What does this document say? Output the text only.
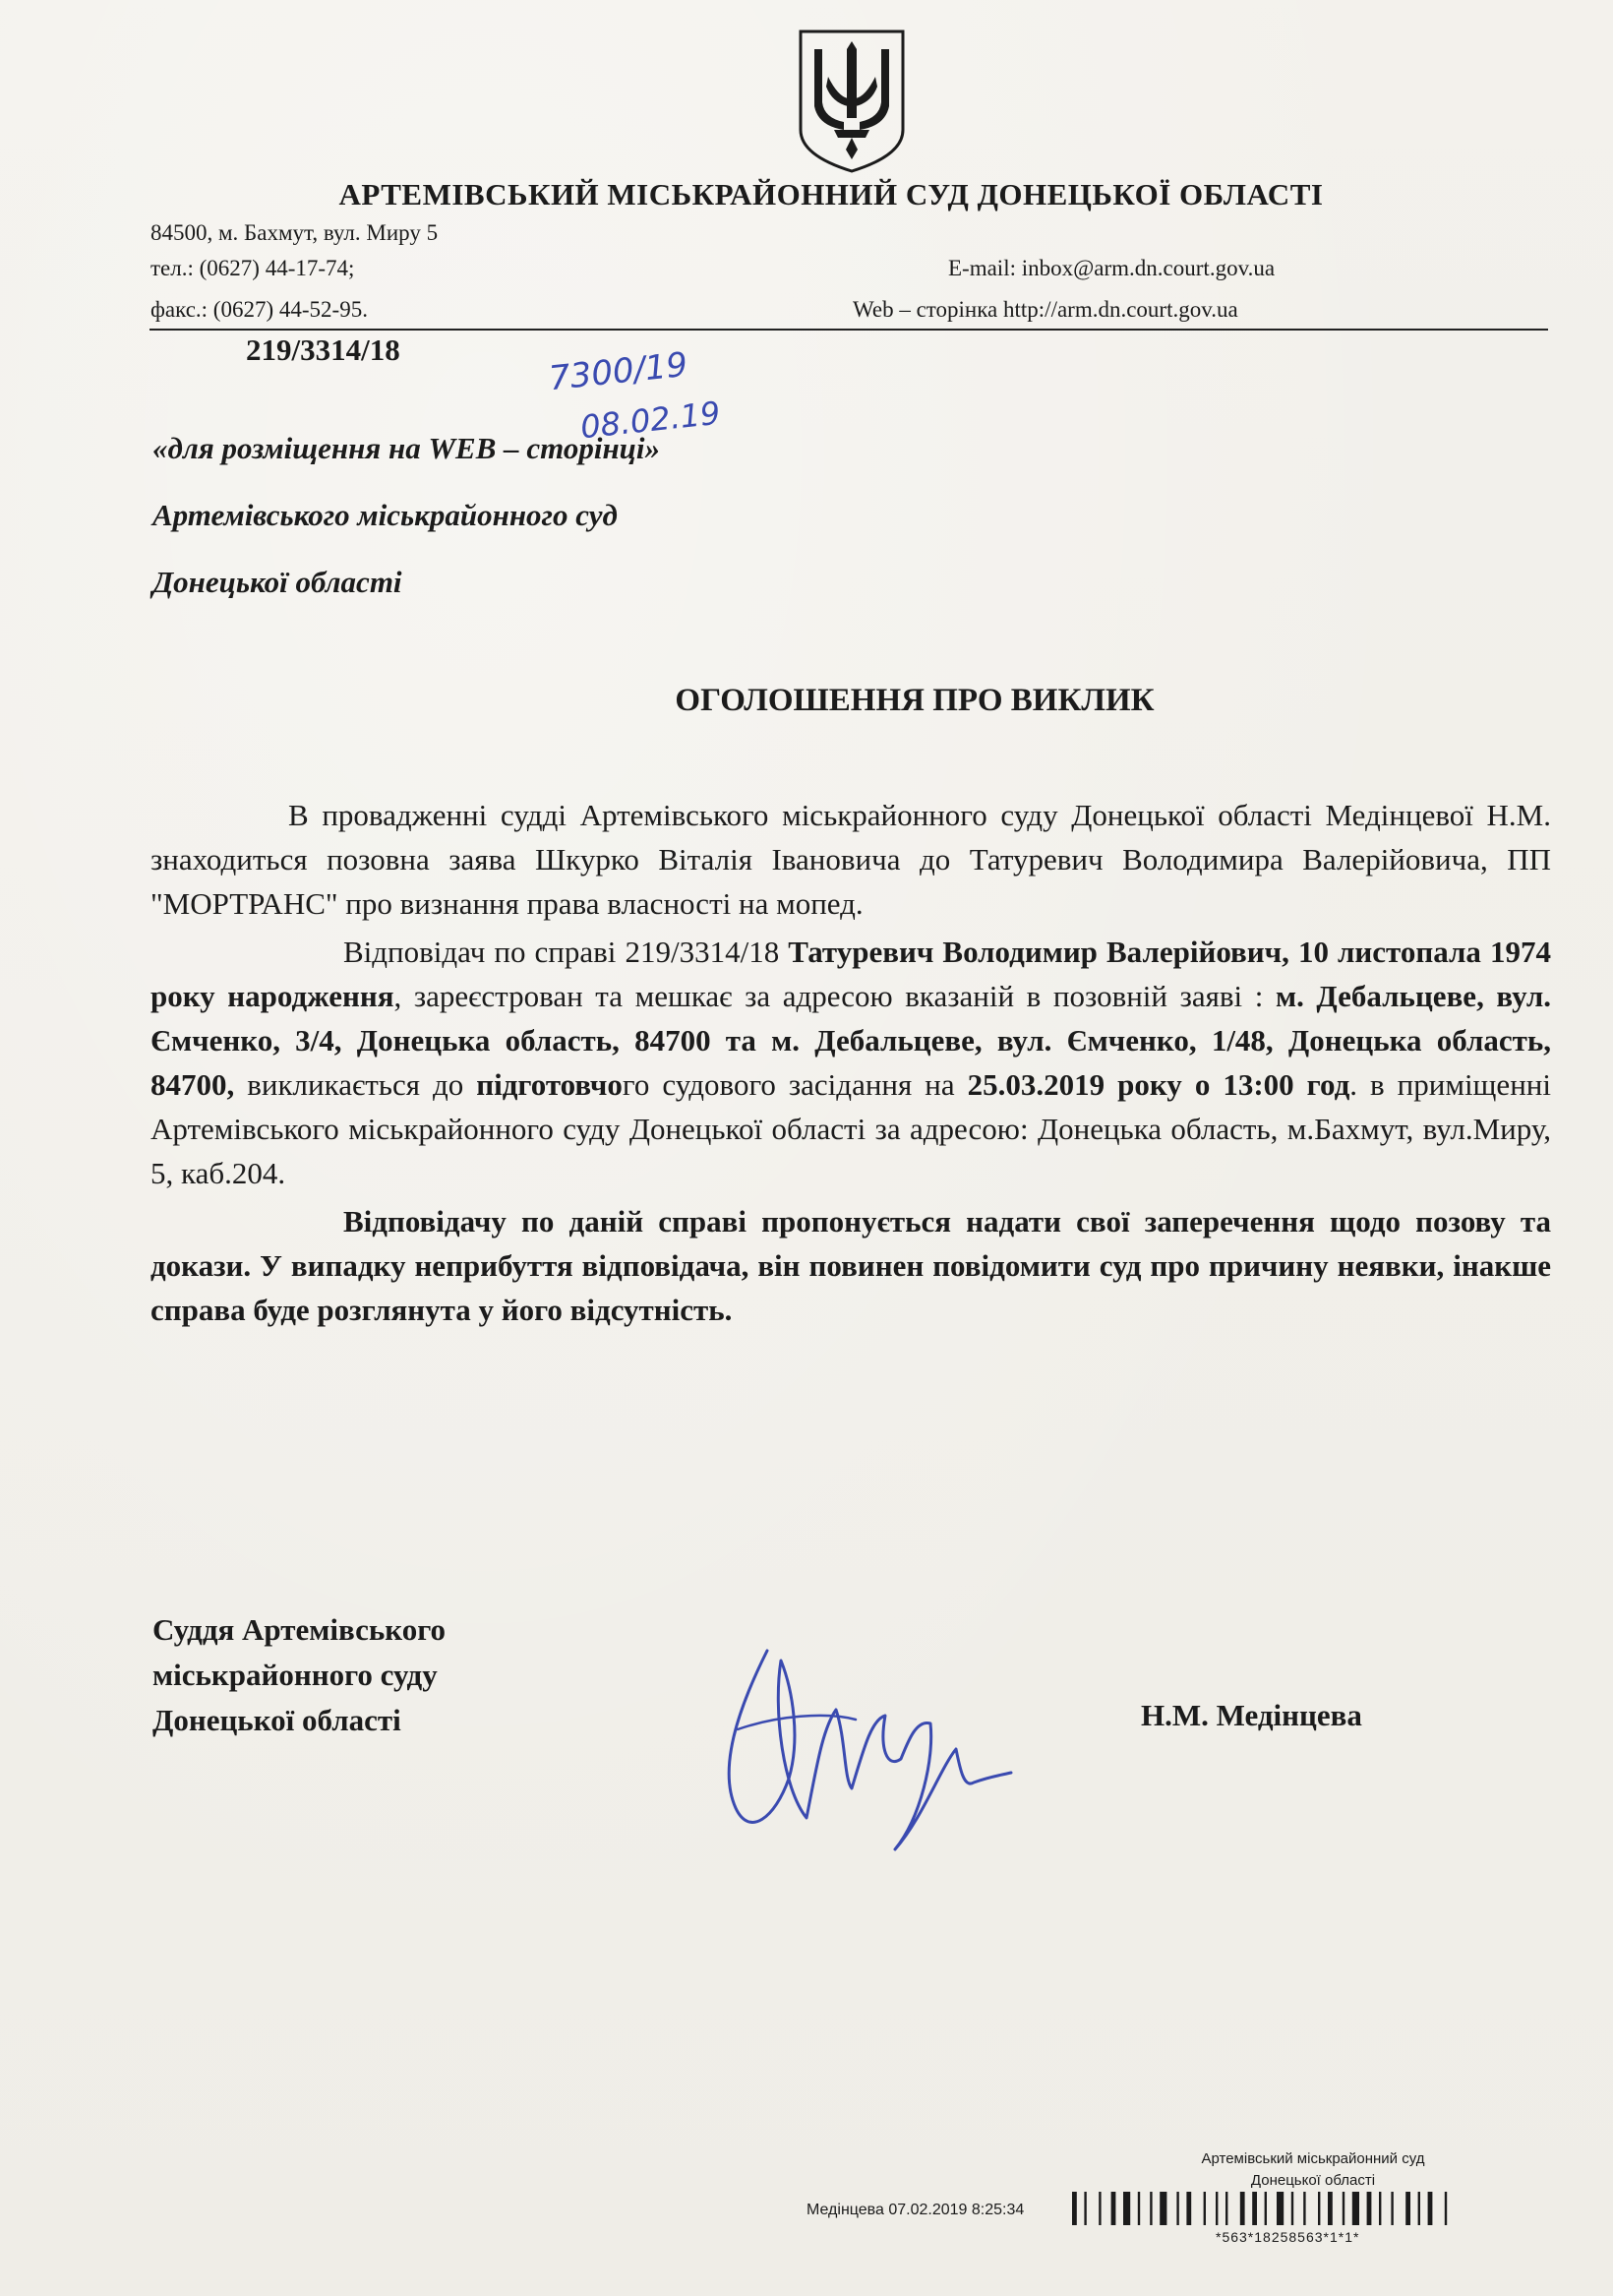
АРТЕМІВСЬКИЙ МІСЬКРАЙОННИЙ СУД ДОНЕЦЬКОЇ ОБЛАСТІ
84500, м. Бахмут, вул. Миру 5
тел.: (0627) 44-17-74;	E-mail: inbox@arm.dn.court.gov.ua
факс.: (0627) 44-52-95.	Web – сторінка http://arm.dn.court.gov.ua
219/3314/18	7300/19
08.02.19
«для розміщення на WEB – сторінці»
Артемівського міськрайонного суд
Донецької області
ОГОЛОШЕННЯ ПРО ВИКЛИК

В провадженні судді Артемівського міськрайонного суду Донецької області Медінцевої Н.М. знаходиться позовна заява Шкурко Віталія Івановича до Татуревич Володимира Валерійовича, ПП "МОРТРАНС" про визнання права власності на мопед.

Відповідач по справі 219/3314/18 Татуревич Володимир Валерійович, 10 листопала 1974 року народження, зареєстрован та мешкає за адресою вказаній в позовній заяві : м. Дебальцеве, вул. Ємченко, 3/4, Донецька область, 84700 та м. Дебальцеве, вул. Ємченко, 1/48, Донецька область, 84700, викликається до підготовчого судового засідання на 25.03.2019 року о 13:00 год. в приміщенні Артемівського міськрайонного суду Донецької області за адресою: Донецька область, м.Бахмут, вул.Миру, 5, каб.204.

Відповідачу по даній справі пропонується надати свої заперечення щодо позову та докази. У випадку неприбуття відповідача, він повинен повідомити суд про причину неявки, інакше справа буде розглянута у його відсутність.

Суддя Артемівського
міськрайонного суду
Донецької області	Н.М. Медінцева
Артемівський міськрайонний суд
Донецької області
Медінцева 07.02.2019 8:25:34
*563*18258563*1*1*
